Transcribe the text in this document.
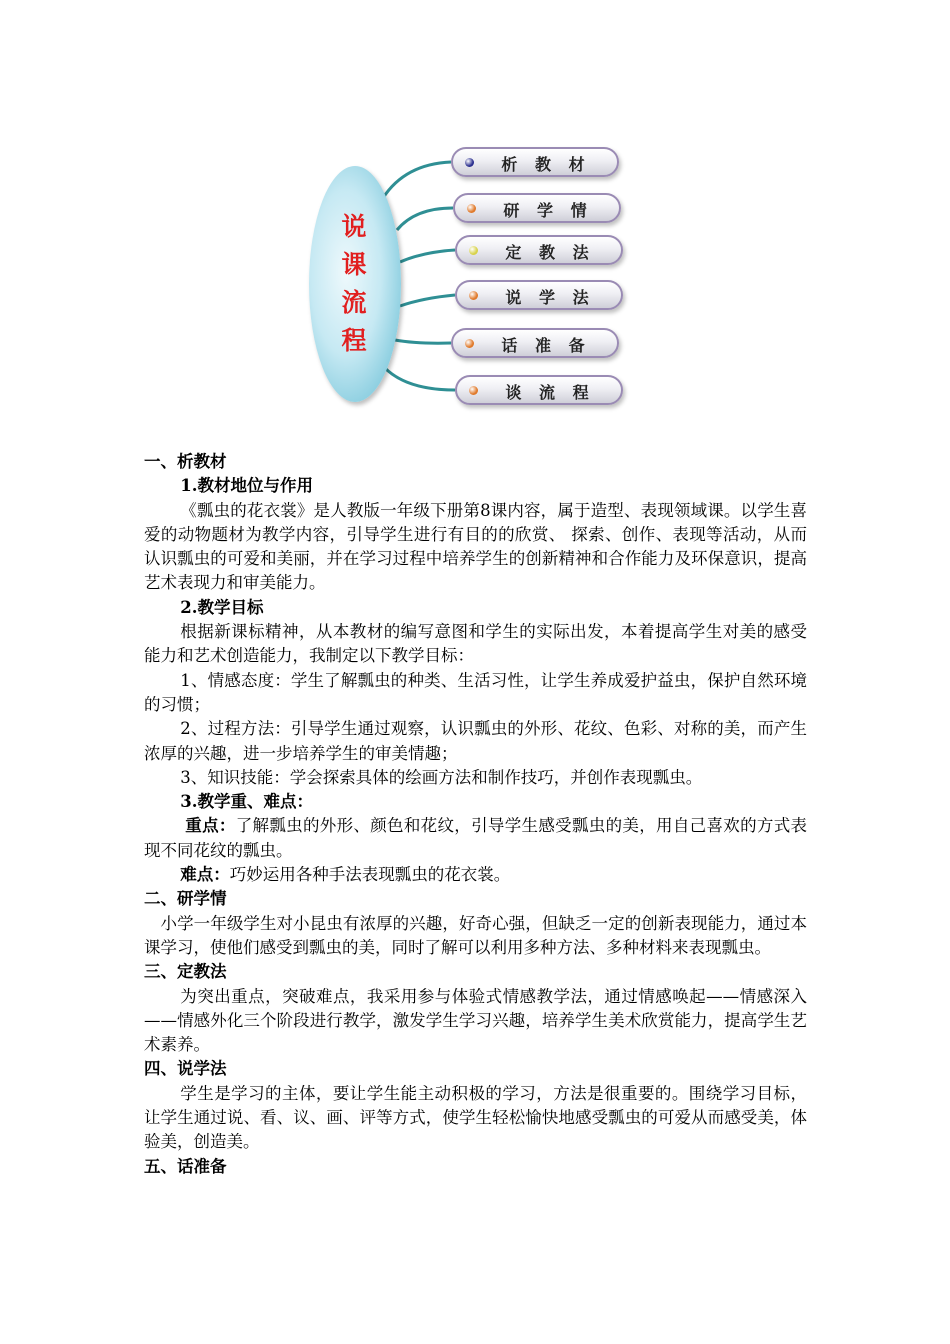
说
课
流
程
析 教 材
研 学 情
定 教 法
说 学 法
话 准 备
谈 流 程

一、析教材

1.教材地位与作用

《瓢虫的花衣裳》是人教版一年级下册第8课内容，属于造型、表现领域课。以学生喜爱的动物题材为教学内容，引导学生进行有目的的欣赏、 探索、创作、表现等活动，从而认识瓢虫的可爱和美丽，并在学习过程中培养学生的创新精神和合作能力及环保意识，提高艺术表现力和审美能力。

2.教学目标

根据新课标精神，从本教材的编写意图和学生的实际出发，本着提高学生对美的感受能力和艺术创造能力，我制定以下教学目标：

1、情感态度：学生了解瓢虫的种类、生活习性，让学生养成爱护益虫，保护自然环境的习惯；

2、过程方法：引导学生通过观察，认识瓢虫的外形、花纹、色彩、对称的美，而产生浓厚的兴趣，进一步培养学生的审美情趣；

3、知识技能：学会探索具体的绘画方法和制作技巧，并创作表现瓢虫。

3.教学重、难点：

重点：了解瓢虫的外形、颜色和花纹，引导学生感受瓢虫的美，用自己喜欢的方式表现不同花纹的瓢虫。

难点：巧妙运用各种手法表现瓢虫的花衣裳。

二、研学情

小学一年级学生对小昆虫有浓厚的兴趣，好奇心强，但缺乏一定的创新表现能力，通过本课学习，使他们感受到瓢虫的美，同时了解可以利用多种方法、多种材料来表现瓢虫。

三、定教法

为突出重点，突破难点，我采用参与体验式情感教学法，通过情感唤起——情感深入——情感外化三个阶段进行教学，激发学生学习兴趣，培养学生美术欣赏能力，提高学生艺术素养。

四、说学法

学生是学习的主体，要让学生能主动积极的学习，方法是很重要的。围绕学习目标，让学生通过说、看、议、画、评等方式，使学生轻松愉快地感受瓢虫的可爱从而感受美，体验美，创造美。

五、话准备
